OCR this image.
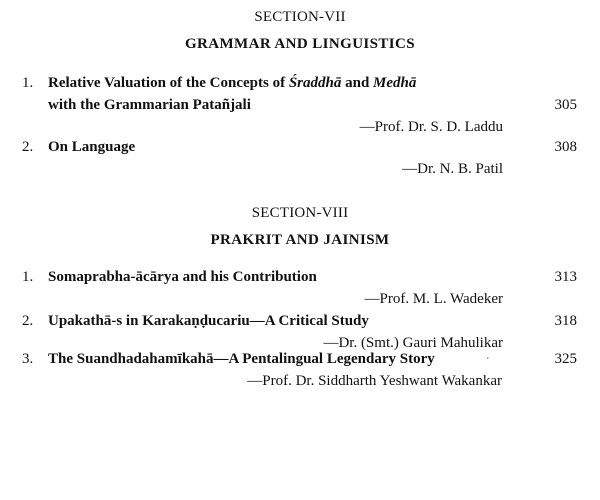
SECTION-VII
GRAMMAR AND LINGUISTICS
1. Relative Valuation of the Concepts of Śraddhā and Medhā
with the Grammarian Patañjali	305
—Prof. Dr. S. D. Laddu
2. On Language	308
—Dr. N. B. Patil
SECTION-VIII
PRAKRIT AND JAINISM
1. Somaprabha-ācārya and his Contribution	313
—Prof. M. L. Wadeker
2. Upakathā-s in Karakaṇḍucariu—A Critical Study	318
—Dr. (Smt.) Gauri Mahulikar
3. The Suandhadahamīkahā—A Pentalingual Legendary Story	‧	325
—Prof. Dr. Siddharth Yeshwant Wakankar
